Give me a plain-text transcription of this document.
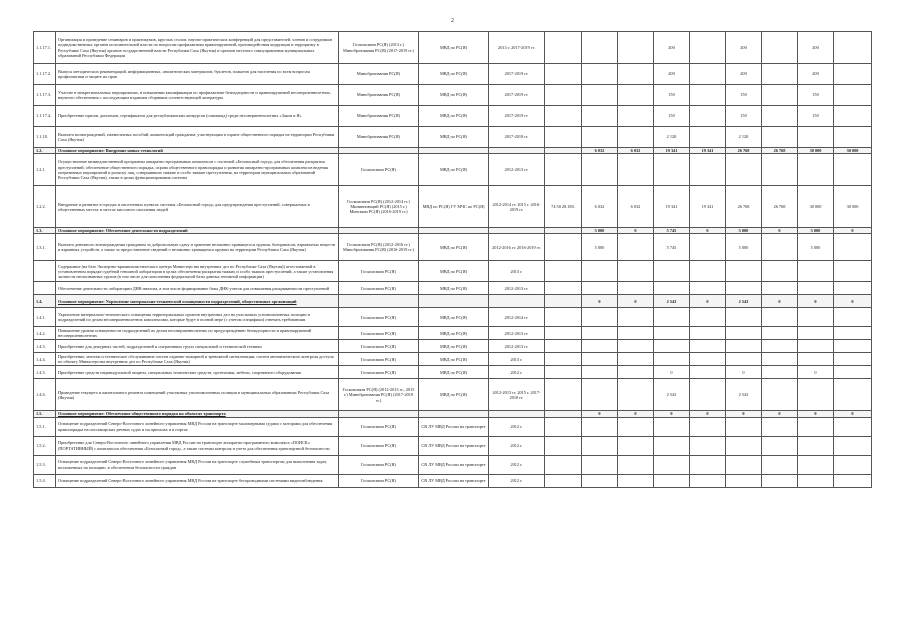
2
1.1.17.1.	Организация и проведение семинаров и практикумов, круглых столов, научно-практических конференций для представителей, членов и сотрудников подведомственных органов исполнительной власти по вопросам профилактики правонарушений, противодействия коррупции и терроризму в Республике Саха (Якутия) органов государственной власти Республики Саха (Якутия) и органов местного самоуправления муниципальных образований Республики Федерации	Госкомсвязи РС(Я) (2013 г.) Минобразования РС(Я) (2017-2019 гг.)	МВД по РС(Я)	2013 г. 2017-2019 гг.				200		200		200	
1.1.17.2.	Выпуск методических рекомендаций, информационных, аналитических материалов, буклетов, плакатов для населения по всем вопросам профилактики и защите их прав	Минобразования РС(Я)	МВД по РС(Я)	2017-2019 гг.				200		200		200	
1.1.17.3.	Участие в межрегиональных мероприятиях, в повышении квалификации по профилактике безнадзорности и правонарушений несовершеннолетних, научного обеспечения с последующим изданием сборников соответствующей литературы	Минобразования РС(Я)	МВД по РС(Я)	2017-2019 гг.				150		150		150	
1.1.17.4.	Приобретение призов, дипломов, сертификатов для республиканских конкурсов (олимпиад) среди несовершеннолетних «Закон и Я»	Минобразования РС(Я)	МВД по РС(Я)	2017-2019 гг.				150		150		150	
1.1.18.	Выплата вознаграждений, ежемесячных пособий, компенсаций гражданам, участвующим в охране общественного порядка на территории Республики Саха (Якутия)	Минобразования РС(Я)	МВД по РС(Я)	2017-2018 гг.				2 120		2 120			
1.2.	Основное мероприятие: Внедрение новых технологий					6 032	6 032	19 341	19 341	26 768	26 768	30 000	30 000
1.2.1.	Осуществление межведомственной программы аппаратно-программных комплексов с системой «Безопасный город» для обеспечения раскрытия преступлений, обеспечение общественного порядка, охрана общественного правопорядка и развития аппаратно-программных комплексов ведения оперативных мероприятий и розыску лиц, совершивших тяжкие и особо тяжкие преступления, на территории муниципальных образований Республики Саха (Якутия), также в целях функционирования системы	Госкомсвязи РС(Я)	МВД по РС(Я)	2012-2013 гг.									
1.2.2.	Внедрение и развитие в городах и населенных пунктах системы «Безопасный город» для предупреждения преступлений, совершаемых в общественных местах и местах массового скопления людей	Госкомсвязи РС(Я) (2012-2014 гг.) Мининноваций РС(Я) (2015 г.) Минсвязи РС(Я) (2016-2019 гг.)	МВД по РС(Я) ГУ МЧС по РС(Я)	2012-2014 гг. 2015 г. 2016-2019 гг.	74 50 28.180.	6 032	6 032	19 341	19 341	26 768	26 768	30 000	30 000
1.3.	Основное мероприятие: Обеспечение деятельности подразделений					5 000	0	5 745	0	5 000	0	5 000	0
1.3.1.	Выплата денежного вознаграждения гражданам за добровольную сдачу и хранение незаконно хранящегося оружия, боеприпасов, взрывчатых веществ и взрывных устройств, а также за предоставление сведений о незаконно хранящемся оружии на территории Республики Саха (Якутия)	Госкомсвязи РС(Я) (2012-2016 гг.) Минобразования РС(Я) (2016-2019 гг.)	МВД по РС(Я)	2012-2016 гг. 2016-2019 гг.		5 000		5 745		5 000		5 000	
	Содержание (на базе Экспертно-криминалистического центра Министерства внутренних дел по Республике Саха (Якутия)) аттестованной в установленном порядке судебной геномной лаборатории в целях обеспечения раскрытия тяжких и особо тяжких преступлений, а также установления личности неопознанных трупов (в том числе для пополнения федеральной базы данных геномной информации)	Госкомсвязи РС(Я)	МВД по РС(Я)	2013 г.									
	Обеспечение деятельности лаборатории ДНК-анализа, в том числе формирование базы ДНК-учетов для повышения раскрываемости преступлений	Госкомсвязи РС(Я)	МВД по РС(Я)	2012-2013 гг.									
1.4.	Основное мероприятие: Укрепление материально-технической оснащенности подразделений, общественных организаций					0	0	2 543	0	2 543	0	0	0
1.4.1.	Укрепление материально-технического оснащения территориальных органов внутренних дел на участковых уполномоченных полиции и подразделений по делам несовершеннолетних комплексами, которые будут в полной мере (с учетом специфики) отвечать требованиям	Госкомсвязи РС(Я)	МВД по РС(Я)	2012-2014 гг.									
1.4.2.	Повышение уровня оснащенности подразделений по делам несовершеннолетних по предупреждению безнадзорности и правонарушений несовершеннолетних	Госкомсвязи РС(Я)	МВД по РС(Я)	2012-2013 гг.									
1.4.3.	Приобретение для дежурных частей, подразделений и оперативных групп специальной и технической техники	Госкомсвязи РС(Я)	МВД по РС(Я)	2012-2013 гг.									
1.4.4.	Приобретение, монтаж и техническое обслуживание систем охранно-пожарной и тревожной сигнализации, систем автоматического контроля доступа по объекту Министерства внутренних дел по Республике Саха (Якутия)	Госкомсвязи РС(Я)	МВД по РС(Я)	2013 г.									
1.4.5.	Приобретение средств индивидуальной защиты, специальных технических средств, оргтехники, мебели, спортивного оборудования	Госкомсвязи РС(Я)	МВД по РС(Я)	2012 г.				0		0		0	
1.4.6.	Проведение текущего и капитального ремонта помещений участковых уполномоченных полиции в муниципальных образованиях Республики Саха (Якутия)	Госкомсвязи РС(Я) (2012-2013 гг., 2015 г.) Минобразования РС(Я) (2017-2018 гг.)	МВД по РС(Я)	2012-2013 гг. 2015 г. 2017-2018 гг.				2 543		2 543			
1.5.	Основное мероприятие: Обеспечение общественного порядка на объектах транспорта					0	0	0	0	0	0	0	0
1.5.1.	Оснащение подразделений Северо-Восточного линейного управления МВД России на транспорте маломерными судами с моторами для обеспечения правопорядка на пассажирских речных судах и на причалах и в портах	Госкомсвязи РС(Я)	СВ ЛУ МВД России на транспорте	2012 г.									
1.5.2.	Приобретение для Северо-Восточного линейного управления МВД России на транспорте аппаратно-программного комплекса «ПОИСК» (ПОРТАТИВНЫЙ) с комплексом обеспечения «Безопасный город», а также системы контроля и учета для обеспечения транспортной безопасности	Госкомсвязи РС(Я)	СВ ЛУ МВД России на транспорте	2012 г.									
1.5.3.	Оснащение подразделений Северо-Восточного линейного управления МВД России на транспорте служебным транспортом для выполнения задач, возложенных на полицию, в обеспечении безопасности граждан	Госкомсвязи РС(Я)	СВ ЛУ МВД России на транспорте	2012 г.									
1.5.4.	Оснащение подразделений Северо-Восточного линейного управления МВД России на транспорте беспроводными системами видеонаблюдения	Госкомсвязи РС(Я)	СВ ЛУ МВД России на транспорте	2012 г.									
